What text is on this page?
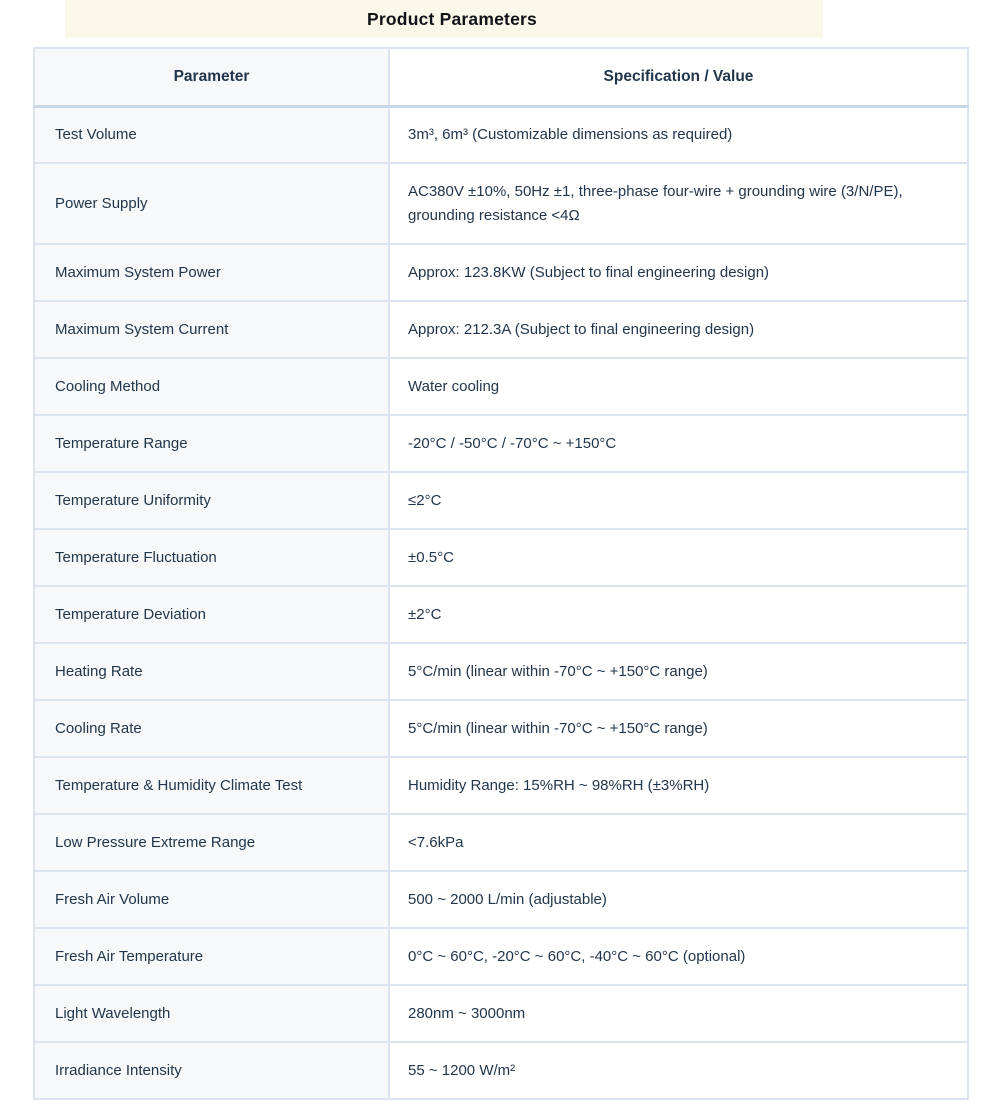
Product Parameters
Parameter	Specification / Value
Test Volume	3m³, 6m³ (Customizable dimensions as required)
Power Supply	AC380V ±10%, 50Hz ±1, three-phase four-wire + grounding wire (3/N/PE), grounding resistance <4Ω
Maximum System Power	Approx: 123.8KW (Subject to final engineering design)
Maximum System Current	Approx: 212.3A (Subject to final engineering design)
Cooling Method	Water cooling
Temperature Range	-20°C / -50°C / -70°C ~ +150°C
Temperature Uniformity	≤2°C
Temperature Fluctuation	±0.5°C
Temperature Deviation	±2°C
Heating Rate	5°C/min (linear within -70°C ~ +150°C range)
Cooling Rate	5°C/min (linear within -70°C ~ +150°C range)
Temperature & Humidity Climate Test	Humidity Range: 15%RH ~ 98%RH (±3%RH)
Low Pressure Extreme Range	<7.6kPa
Fresh Air Volume	500 ~ 2000 L/min (adjustable)
Fresh Air Temperature	0°C ~ 60°C, -20°C ~ 60°C, -40°C ~ 60°C (optional)
Light Wavelength	280nm ~ 3000nm
Irradiance Intensity	55 ~ 1200 W/m²
